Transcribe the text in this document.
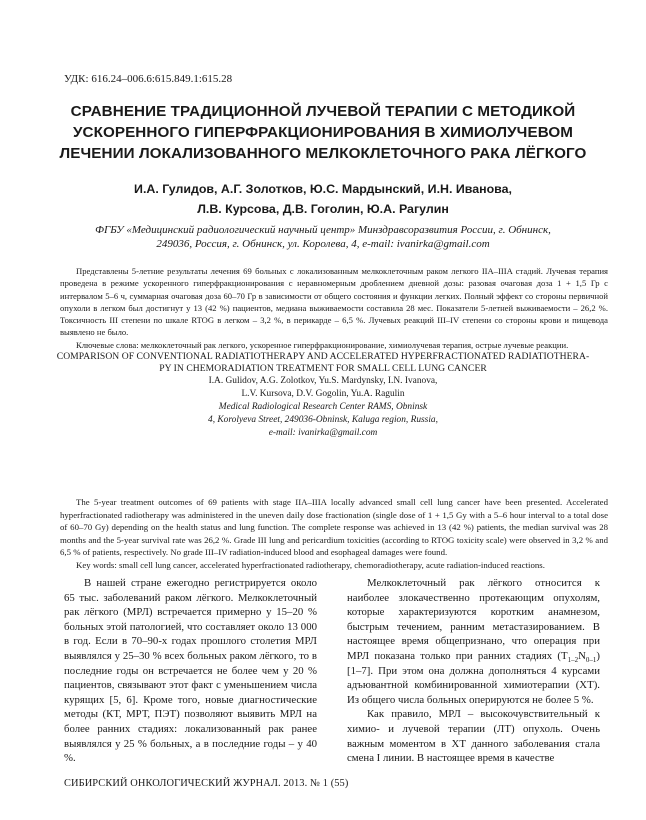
УДК: 616.24–006.6:615.849.1:615.28
СРАВНЕНИЕ ТРАДИЦИОННОЙ ЛУЧЕВОЙ ТЕРАПИИ С МЕТОДИКОЙ
УСКОРЕННОГО ГИПЕРФРАКЦИОНИРОВАНИЯ В ХИМИОЛУЧЕВОМ
ЛЕЧЕНИИ ЛОКАЛИЗОВАННОГО МЕЛКОКЛЕТОЧНОГО РАКА ЛЁГКОГО
И.А. Гулидов, А.Г. Золотков, Ю.С. Мардынский, И.Н. Иванова,
Л.В. Курсова, Д.В. Гоголин, Ю.А. Рагулин
ФГБУ «Медицинский радиологический научный центр» Минздравсоразвития России, г. Обнинск,
249036, Россия, г. Обнинск, ул. Королева, 4, e-mail: ivanirka@gmail.com

Представлены 5-летние результаты лечения 69 больных с локализованным мелкоклеточным раком легкого IIA–IIIA стадий. Лучевая терапия проведена в режиме ускоренного гиперфракционирования с неравномерным дроблением дневной дозы: разовая очаговая доза 1 + 1,5 Гр с интервалом 5–6 ч, суммарная очаговая доза 60–70 Гр в зависимости от общего состояния и функции легких. Полный эффект со стороны первичной опухоли в легком был достигнут у 13 (42 %) пациентов, медиана выживаемости составила 28 мес. Показатели 5-летней выживаемости – 26,2 %. Токсичность III степени по шкале RTOG в легком – 3,2 %, в перикарде – 6,5 %. Лучевых реакций III–IV степени со стороны крови и пищевода выявлено не было.

Ключевые слова: мелкоклеточный рак легкого, ускоренное гиперфракционирование, химиолучевая терапия, острые лучевые реакции.

COMPARISON OF CONVENTIONAL RADIATIOTHERAPY AND ACCELERATED HYPERFRACTIONATED RADIATIOTHERA-
PY IN CHEMORADIATION TREATMENT FOR SMALL CELL LUNG CANCER
I.A. Gulidov, A.G. Zolotkov, Yu.S. Mardynsky, I.N. Ivanova,
L.V. Kursova, D.V. Gogolin, Yu.A. Ragulin
Medical Radiological Research Center RAMS, Obninsk
4, Korolyeva Street, 249036-Obninsk, Kaluga region, Russia,
e-mail: ivanirka@gmail.com

The 5-year treatment outcomes of 69 patients with stage IIA–IIIA locally advanced small cell lung cancer have been presented. Accelerated hyperfractionated radiotherapy was administered in the uneven daily dose fractionation (single dose of 1 + 1,5 Gy with a 5–6 hour interval to a total dose of 60–70 Gy) depending on the health status and lung function. The complete response was achieved in 13 (42 %) patients, the median survival was 28 months and the 5-year survival rate was 26,2 %. Grade III lung and pericardium toxicities (according to RTOG toxicity scale) were observed in 3,2 % and 6,5 % of patients, respectively. No grade III–IV radiation-induced blood and esophageal damages were found.

Key words: small cell lung cancer, accelerated hyperfractionated radiotherapy, chemoradiotherapy, acute radiation-induced reactions.

В нашей стране ежегодно регистрируется около 65 тыс. заболеваний раком лёгкого. Мелкоклеточный рак лёгкого (МРЛ) встречается примерно у 15–20 % больных этой патологией, что составляет около 13 000 в год. Если в 70–90-х годах прошлого столетия МРЛ выявлялся у 25–30 % всех больных раком лёгкого, то в последние годы он встречается не более чем у 20 % пациентов, связывают этот факт с уменьшением числа курящих [5, 6]. Кроме того, новые диагностические методы (КТ, МРТ, ПЭТ) позволяют выявить МРЛ на более ранних стадиях: локализованный рак ранее выявлялся у 25 % больных, а в последние годы – у 40 %.

Мелкоклеточный рак лёгкого относится к наиболее злокачественно протекающим опухолям, которые характеризуются коротким анамнезом, быстрым течением, ранним метастазированием. В настоящее время общепризнано, что операция при МРЛ показана только при ранних стадиях $(T_{1-2}N_{0-1})$ [1–7]. При этом она должна дополняться 4 курсами адъювантной комбинированной химиотерапии (ХТ). Из общего числа больных оперируются не более 5 %.

Как правило, МРЛ – высокочувствительный к химио- и лучевой терапии (ЛТ) опухоль. Очень важным моментом в ХТ данного заболевания стала смена I линии. В настоящее время в качестве

СИБИРСКИЙ ОНКОЛОГИЧЕСКИЙ ЖУРНАЛ. 2013. № 1 (55)
